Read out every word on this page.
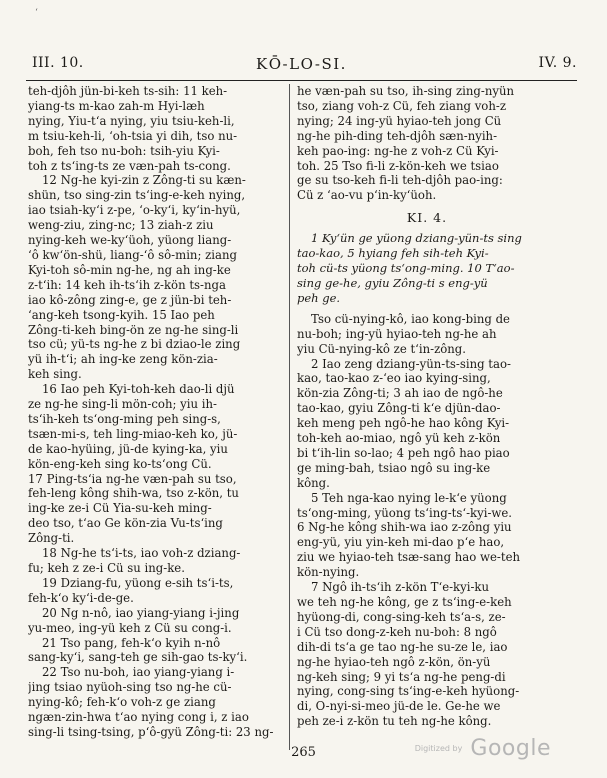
‘
III. 10.	KŌ-LO-SI.	IV. 9.
teh-djôh jün-bi-keh ts-sih: 11 keh-
yiang-ts m-kao zah-m Hyi-læh
nying, Yiu-t‘a nying, yiu tsiu-keh-li,
m tsiu-keh-li, ‘oh-tsia yi dih, tso nu-
boh, feh tso nu-boh: tsih-yiu Kyi-
toh z ts‘ing-ts ze væn-pah ts-cong.
12 Ng-he kyi-zin z Zông-ti su kæn-
shün, tso sing-zin ts‘ing-e-keh nying,
iao tsiah-ky‘i z-pe, ‘o-ky‘i, ky‘in-hyü,
weng-ziu, zing-nc; 13 ziah-z ziu
nying-keh we-ky‘üoh, yüong liang-
‘ô kw‘ön-shü, liang-‘ô sô-min; ziang
Kyi-toh sô-min ng-he, ng ah ing-ke
z-t‘ih: 14 keh ih-ts‘ih z-kön ts-nga
iao kô-zông zing-e, ge z jün-bi teh-
‘ang-keh tsong-kyih. 15 Iao peh
Zông-ti-keh bing-ön ze ng-he sing-li
tso cü; yü-ts ng-he z bi dziao-le zing
yü ih-t‘i; ah ing-ke zeng kön-zia-
keh sing.
16 Iao peh Kyi-toh-keh dao-li djü
ze ng-he sing-li mön-coh; yiu ih-
ts‘ih-keh ts‘ong-ming peh sing-s,
tsæn-mi-s, teh ling-miao-keh ko, jü-
de kao-hyüing, jü-de kying-ka, yiu
kön-eng-keh sing ko-ts‘ong Cü.
17 Ping-ts‘ia ng-he væn-pah su tso,
feh-leng kông shih-wa, tso z-kön, tu
ing-ke ze-i Cü Yia-su-keh ming-
deo tso, t‘ao Ge kön-zia Vu-ts‘ing
Zông-ti.
18 Ng-he ts‘i-ts, iao voh-z dziang-
fu; keh z ze-i Cü su ing-ke.
19 Dziang-fu, yüong e-sih ts‘i-ts,
feh-k‘o ky‘i-de-ge.
20 Ng n-nô, iao yiang-yiang i-jing
yu-meo, ing-yü keh z Cü su cong-i.
21 Tso pang, feh-k‘o kyih n-nô
sang-ky‘i, sang-teh ge sih-gao ts-ky‘i.
22 Tso nu-boh, iao yiang-yiang i-
jing tsiao nyüoh-sing tso ng-he cü-
nying-kô; feh-k‘o voh-z ge ziang
ngæn-zin-hwa t‘ao nying cong i, z iao
sing-li tsing-tsing, p‘ô-gyü Zông-ti: 23 ng-
he væn-pah su tso, ih-sing zing-nyün
tso, ziang voh-z Cü, feh ziang voh-z
nying; 24 ing-yü hyiao-teh jong Cü
ng-he pih-ding teh-djôh sæn-nyih-
keh pao-ing: ng-he z voh-z Cü Kyi-
toh. 25 Tso fi-li z-kön-keh we tsiao
ge su tso-keh fi-li teh-djôh pao-ing:
Cü z ‘ao-vu p‘in-ky‘üoh.
KI. 4.
1 Ky‘ün ge yüong dziang-yün-ts sing
tao-kao, 5 hyiang feh sih-teh Kyi-
toh cü-ts yüong ts‘ong-ming. 10 T‘ao-
sing ge-he, gyiu Zông-ti s eng-yü
peh ge.
Tso cü-nying-kô, iao kong-bing de
nu-boh; ing-yü hyiao-teh ng-he ah
yiu Cü-nying-kô ze t‘in-zông.
2 Iao zeng dziang-yün-ts-sing tao-
kao, tao-kao z-‘eo iao kying-sing,
kön-zia Zông-ti; 3 ah iao de ngô-he
tao-kao, gyiu Zông-ti k‘e djün-dao-
keh meng peh ngô-he hao kông Kyi-
toh-keh ao-miao, ngô yü keh z-kön
bi t‘ih-lin so-lao; 4 peh ngô hao piao
ge ming-bah, tsiao ngô su ing-ke
kông.
5 Teh nga-kao nying le-k‘e yüong
ts‘ong-ming, yüong ts‘ing-ts‘-kyi-we.
6 Ng-he kông shih-wa iao z-zông yiu
eng-yü, yiu yin-keh mi-dao p‘e hao,
ziu we hyiao-teh tsæ-sang hao we-teh
kön-nying.
7 Ngô ih-ts‘ih z-kön T‘e-kyi-ku
we teh ng-he kông, ge z ts‘ing-e-keh
hyüong-di, cong-sing-keh ts‘a-s, ze-
i Cü tso dong-z-keh nu-boh: 8 ngô
dih-di ts‘a ge tao ng-he su-ze le, iao
ng-he hyiao-teh ngô z-kön, ön-yü
ng-keh sing; 9 yi ts‘a ng-he peng-di
nying, cong-sing ts‘ing-e-keh hyüong-
di, O-nyi-si-meo jü-de le. Ge-he we
peh ze-i z-kön tu teh ng-he kông.
265	Digitized by Google
